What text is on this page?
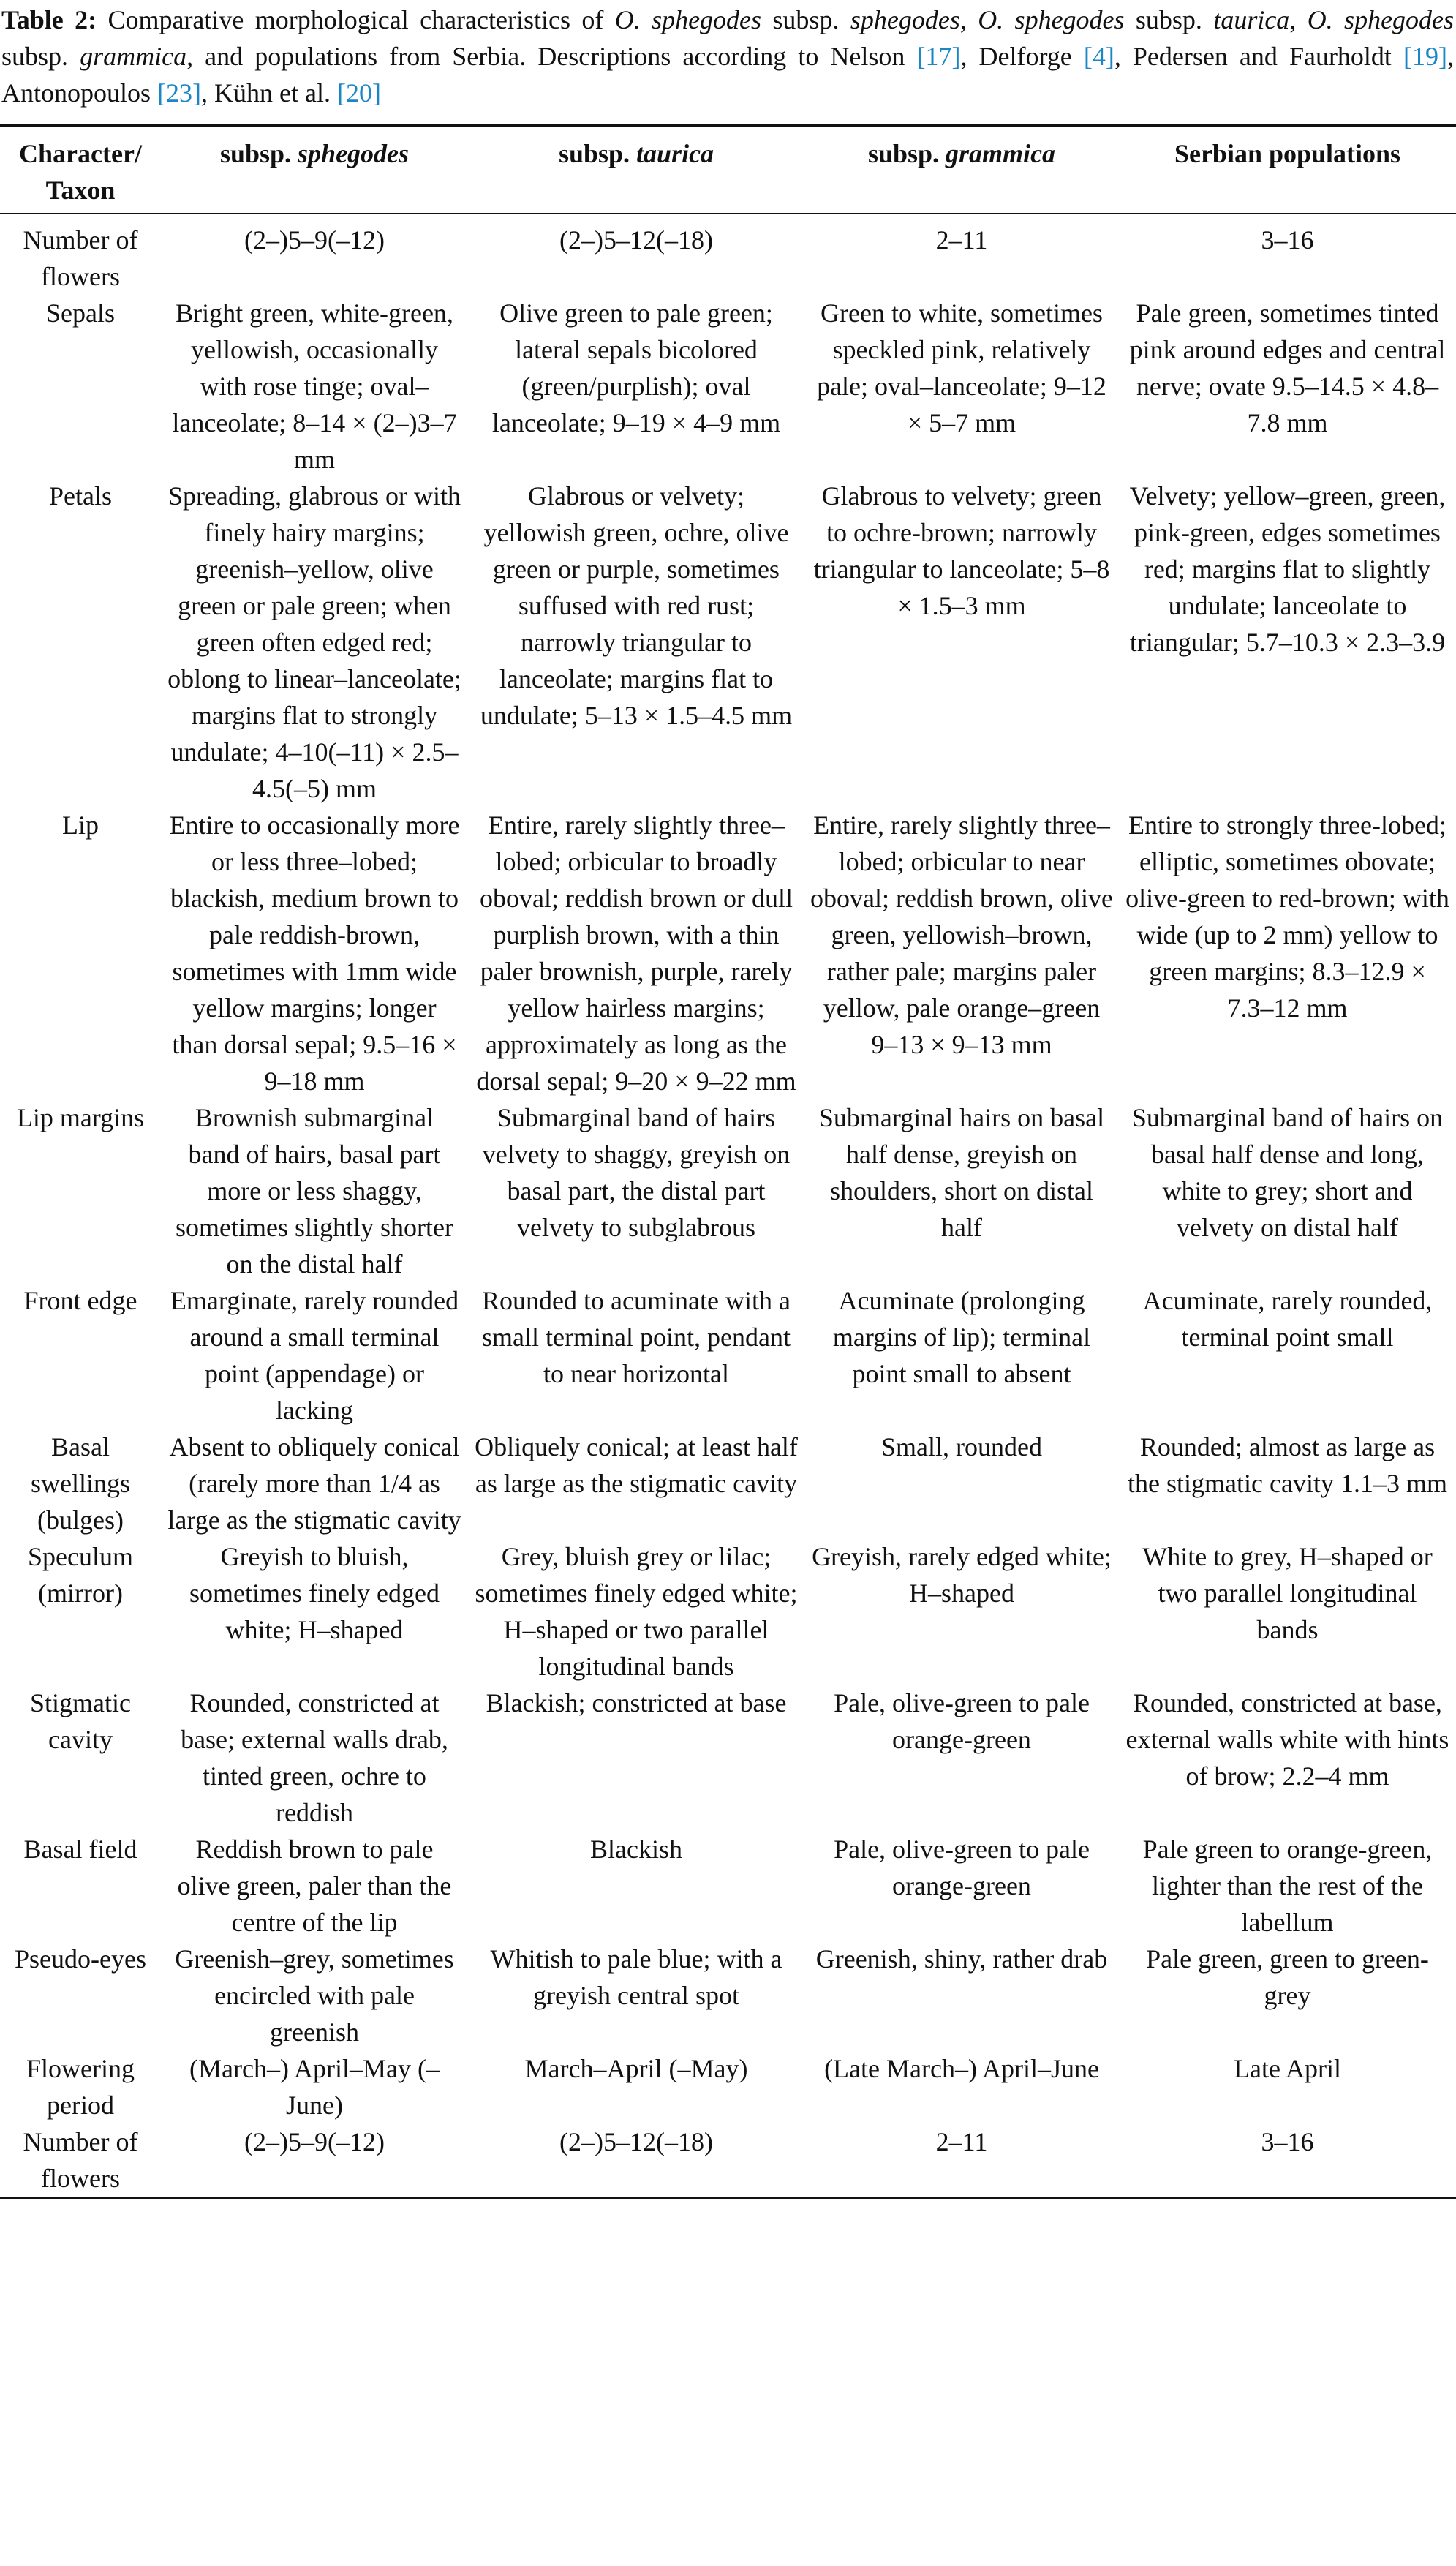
Table 2: Comparative morphological characteristics of O. sphegodes subsp. sphegodes, O. sphegodes subsp. taurica, O. sphegodes subsp. grammica, and populations from Serbia. Descriptions according to Nelson [17], Delforge [4], Pedersen and Faurholdt [19], Antonopoulos [23], Kühn et al. [20]

Character/ Taxon	subsp. sphegodes	subsp. taurica	subsp. grammica	Serbian populations
Number of flowers	(2–)5–9(–12)	(2–)5–12(–18)	2–11	3–16
Sepals	Bright green, white-green, yellowish, occasionally with rose tinge; oval–lanceolate; 8–14 × (2–)3–7 mm	Olive green to pale green; lateral sepals bicolored (green/purplish); oval lanceolate; 9–19 × 4–9 mm	Green to white, sometimes speckled pink, relatively pale; oval–lanceolate; 9–12 × 5–7 mm	Pale green, sometimes tinted pink around edges and central nerve; ovate 9.5–14.5 × 4.8–7.8 mm
Petals	Spreading, glabrous or with finely hairy margins; greenish–yellow, olive green or pale green; when green often edged red; oblong to linear–lanceolate; margins flat to strongly undulate; 4–10(–11) × 2.5–4.5(–5) mm	Glabrous or velvety; yellowish green, ochre, olive green or purple, sometimes suffused with red rust; narrowly triangular to lanceolate; margins flat to undulate; 5–13 × 1.5–4.5 mm	Glabrous to velvety; green to ochre-brown; narrowly triangular to lanceolate; 5–8 × 1.5–3 mm	Velvety; yellow–green, green, pink-green, edges sometimes red; margins flat to slightly undulate; lanceolate to triangular; 5.7–10.3 × 2.3–3.9
Lip	Entire to occasionally more or less three–lobed; blackish, medium brown to pale reddish-brown, sometimes with 1mm wide yellow margins; longer than dorsal sepal; 9.5–16 × 9–18 mm	Entire, rarely slightly three–lobed; orbicular to broadly oboval; reddish brown or dull purplish brown, with a thin paler brownish, purple, rarely yellow hairless margins; approximately as long as the dorsal sepal; 9–20 × 9–22 mm	Entire, rarely slightly three–lobed; orbicular to near oboval; reddish brown, olive green, yellowish–brown, rather pale; margins paler yellow, pale orange–green 9–13 × 9–13 mm	Entire to strongly three-lobed; elliptic, sometimes obovate; olive-green to red-brown; with wide (up to 2 mm) yellow to green margins; 8.3–12.9 × 7.3–12 mm
Lip margins	Brownish submarginal band of hairs, basal part more or less shaggy, sometimes slightly shorter on the distal half	Submarginal band of hairs velvety to shaggy, greyish on basal part, the distal part velvety to subglabrous	Submarginal hairs on basal half dense, greyish on shoulders, short on distal half	Submarginal band of hairs on basal half dense and long, white to grey; short and velvety on distal half
Front edge	Emarginate, rarely rounded around a small terminal point (appendage) or lacking	Rounded to acuminate with a small terminal point, pendant to near horizontal	Acuminate (prolonging margins of lip); terminal point small to absent	Acuminate, rarely rounded, terminal point small
Basal swellings (bulges)	Absent to obliquely conical (rarely more than 1/4 as large as the stigmatic cavity	Obliquely conical; at least half as large as the stigmatic cavity	Small, rounded	Rounded; almost as large as the stigmatic cavity 1.1–3 mm
Speculum (mirror)	Greyish to bluish, sometimes finely edged white; H–shaped	Grey, bluish grey or lilac; sometimes finely edged white; H–shaped or two parallel longitudinal bands	Greyish, rarely edged white; H–shaped	White to grey, H–shaped or two parallel longitudinal bands
Stigmatic cavity	Rounded, constricted at base; external walls drab, tinted green, ochre to reddish	Blackish; constricted at base	Pale, olive-green to pale orange-green	Rounded, constricted at base, external walls white with hints of brow; 2.2–4 mm
Basal field	Reddish brown to pale olive green, paler than the centre of the lip	Blackish	Pale, olive-green to pale orange-green	Pale green to orange-green, lighter than the rest of the labellum
Pseudo-eyes	Greenish–grey, sometimes encircled with pale greenish	Whitish to pale blue; with a greyish central spot	Greenish, shiny, rather drab	Pale green, green to green-grey
Flowering period	(March–) April–May (–June)	March–April (–May)	(Late March–) April–June	Late April
Number of flowers	(2–)5–9(–12)	(2–)5–12(–18)	2–11	3–16
